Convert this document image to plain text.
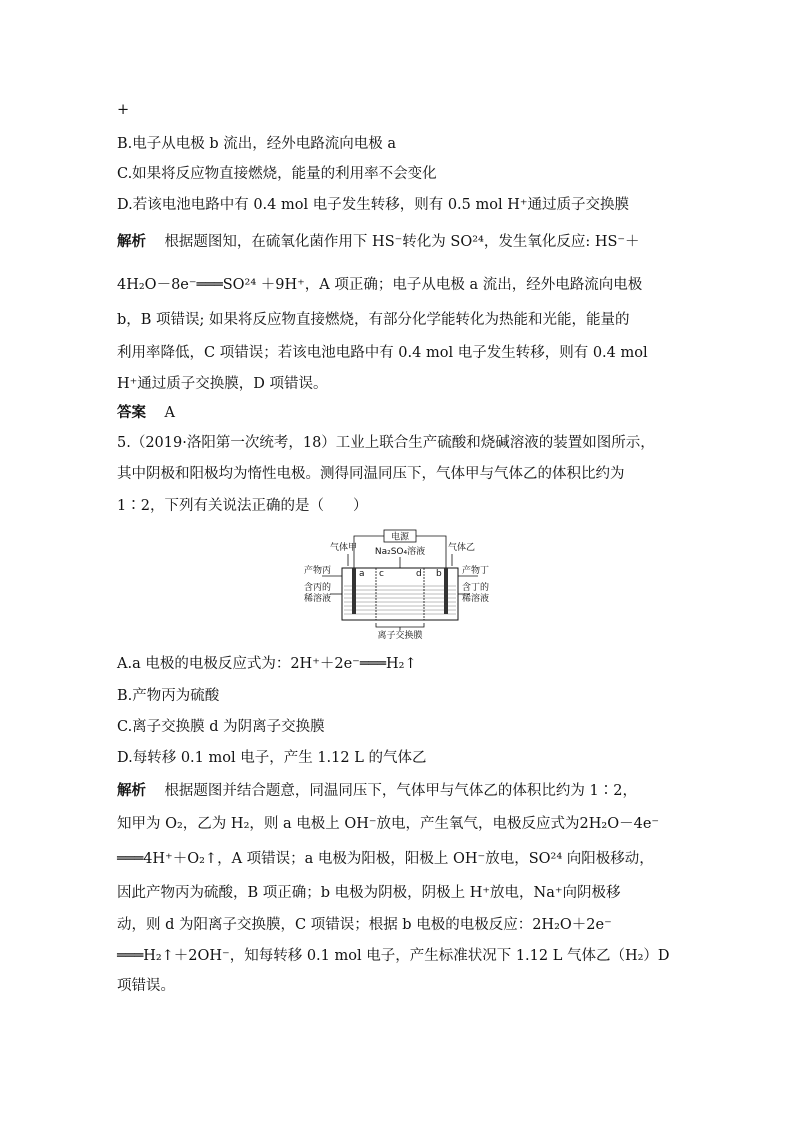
+
B.电子从电极 b 流出，经外电路流向电极 a
C.如果将反应物直接燃烧，能量的利用率不会变化
D.若该电池电路中有 0.4 mol 电子发生转移，则有 0.5 mol H⁺通过质子交换膜
解析 根据题图知，在硫氧化菌作用下 HS⁻转化为 SO²⁴，发生氧化反应: HS⁻＋
4H₂O－8e⁻═══SO²⁴ ＋9H⁺，A 项正确；电子从电极 a 流出，经外电路流向电极
b，B 项错误; 如果将反应物直接燃烧，有部分化学能转化为热能和光能，能量的
利用率降低，C 项错误；若该电池电路中有 0.4 mol 电子发生转移，则有 0.4 mol
H⁺通过质子交换膜，D 项错误。
答案 A
5.（2019·洛阳第一次统考，18）工业上联合生产硫酸和烧碱溶液的装置如图所示，
其中阴极和阳极均为惰性电极。测得同温同压下，气体甲与气体乙的体积比约为
1∶2，下列有关说法正确的是（　　）
电源
Na₂SO₄溶液
气体甲	气体乙
产物丙	产物丁
a c	d b
含丙的
稀溶液
含丁的
稀溶液
离子交换膜
A.a 电极的电极反应式为：2H⁺＋2e⁻═══H₂↑
B.产物丙为硫酸
C.离子交换膜 d 为阴离子交换膜
D.每转移 0.1 mol 电子，产生 1.12 L 的气体乙
解析 根据题图并结合题意，同温同压下，气体甲与气体乙的体积比约为 1∶2，
知甲为 O₂，乙为 H₂，则 a 电极上 OH⁻放电，产生氧气，电极反应式为2H₂O－4e⁻
═══4H⁺＋O₂↑，A 项错误；a 电极为阳极，阳极上 OH⁻放电，SO²⁴ 向阳极移动，
因此产物丙为硫酸，B 项正确；b 电极为阴极，阴极上 H⁺放电，Na⁺向阴极移
动，则 d 为阳离子交换膜，C 项错误；根据 b 电极的电极反应：2H₂O＋2e⁻
═══H₂↑＋2OH⁻，知每转移 0.1 mol 电子，产生标准状况下 1.12 L 气体乙（H₂）D
项错误。
